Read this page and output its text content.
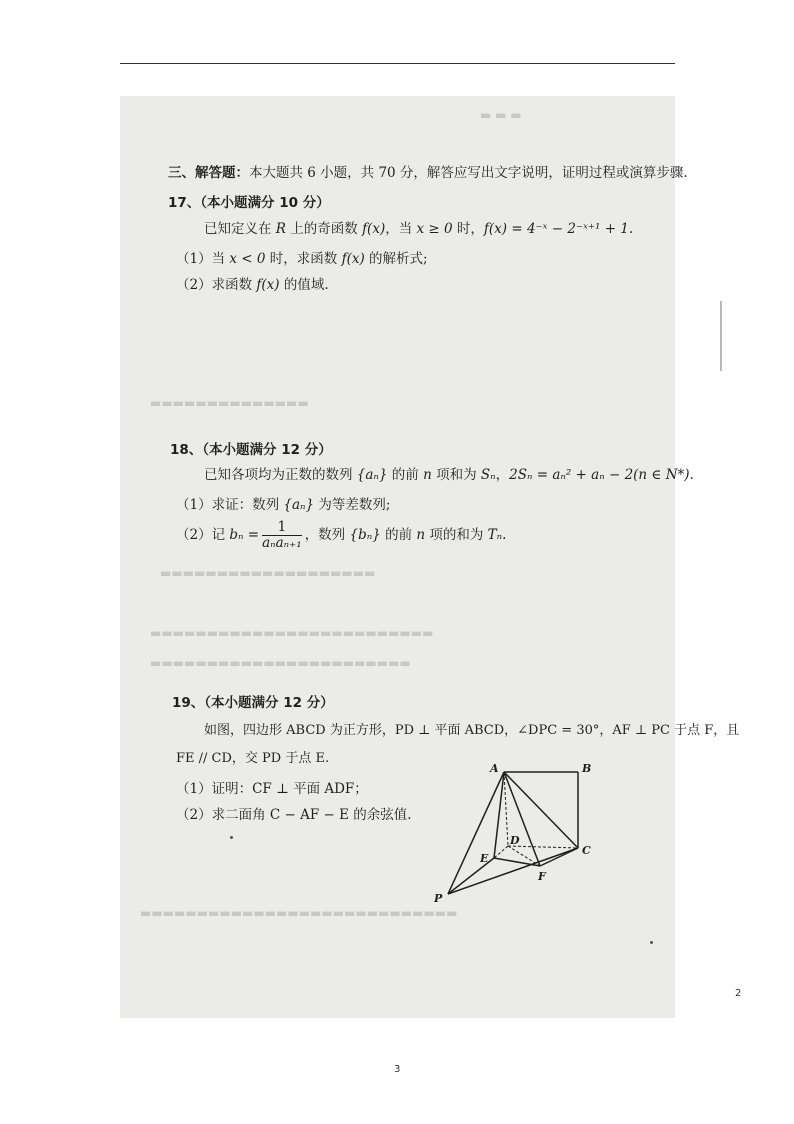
▬ ▬ ▬
▬▬▬▬▬▬▬▬▬▬▬▬▬▬
▬▬▬▬▬▬▬▬▬▬▬▬▬▬▬▬▬▬▬
▬▬▬▬▬▬▬▬▬▬▬▬▬▬▬▬▬▬▬▬▬▬▬▬▬
▬▬▬▬▬▬▬▬▬▬▬▬▬▬▬▬▬▬▬▬▬▬▬
▬▬▬▬▬▬▬▬▬▬▬▬▬▬▬▬▬▬▬▬▬▬▬▬▬▬▬▬
三、解答题：本大题共 6 小题，共 70 分，解答应写出文字说明，证明过程或演算步骤.
17、（本小题满分 10 分）
已知定义在 R 上的奇函数 f(x)，当 x ≥ 0 时，f(x) = 4⁻ˣ − 2⁻ˣ⁺¹ + 1.
（1）当 x < 0 时，求函数 f(x) 的解析式;
（2）求函数 f(x) 的值域.
18、（本小题满分 12 分）
已知各项均为正数的数列 {aₙ} 的前 n 项和为 Sₙ，2Sₙ = aₙ² + aₙ − 2(n ∈ N*).
（1）求证：数列 {aₙ} 为等差数列;
（2）记 $b_n = \frac{1}{\text{aₙaₙ₊₁}}$ ，数列 {bₙ} 的前 n 项的和为 Tₙ.
19、（本小题满分 12 分）
如图，四边形 ABCD 为正方形，PD ⊥ 平面 ABCD，∠DPC = 30°，AF ⊥ PC 于点 F，且
FE // CD，交 PD 于点 E.
（1）证明：CF ⊥ 平面 ADF；
（2）求二面角 C − AF − E 的余弦值.
A	B
C
D
E
F
P
2
3
